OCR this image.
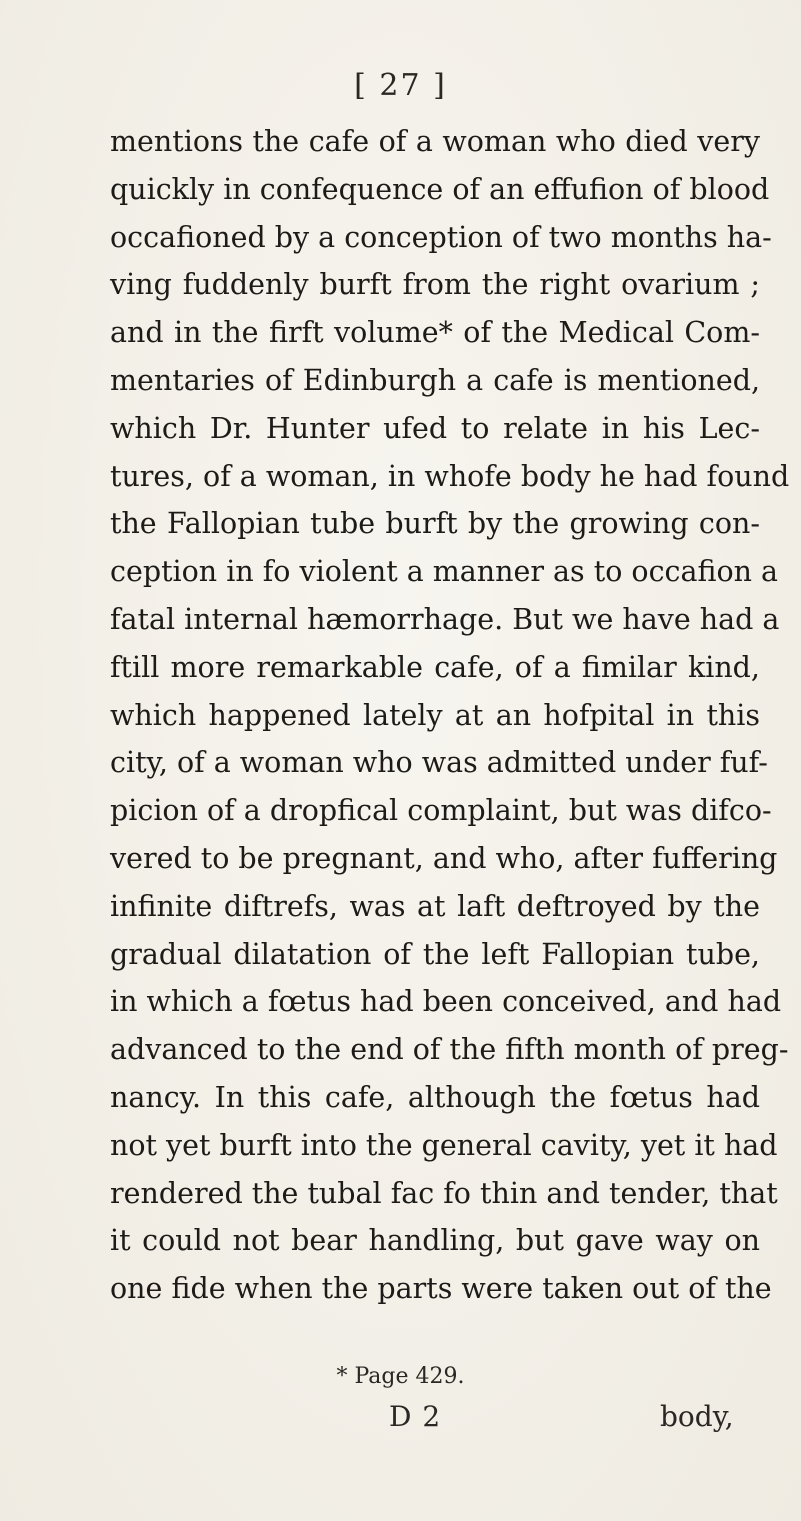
[ 27 ]
mentions the cafe of a woman who died very
quickly in confequence of an effufion of blood
occafioned by a conception of two months ha-
ving fuddenly burft from the right ovarium ;
and in the firft volume* of the Medical Com-
mentaries of Edinburgh a cafe is mentioned,
which Dr. Hunter ufed to relate in his Lec-
tures, of a woman, in whofe body he had found
the Fallopian tube burft by the growing con-
ception in fo violent a manner as to occafion a
fatal internal hæmorrhage. But we have had a
ftill more remarkable cafe, of a fimilar kind,
which happened lately at an hofpital in this
city, of a woman who was admitted under fuf-
picion of a dropfical complaint, but was difco-
vered to be pregnant, and who, after fuffering
infinite diftrefs, was at laft deftroyed by the
gradual dilatation of the left Fallopian tube,
in which a fœtus had been conceived, and had
advanced to the end of the fifth month of preg-
nancy. In this cafe, although the fœtus had
not yet burft into the general cavity, yet it had
rendered the tubal fac fo thin and tender, that
it could not bear handling, but gave way on
one fide when the parts were taken out of the
* Page 429.
D 2	body,
